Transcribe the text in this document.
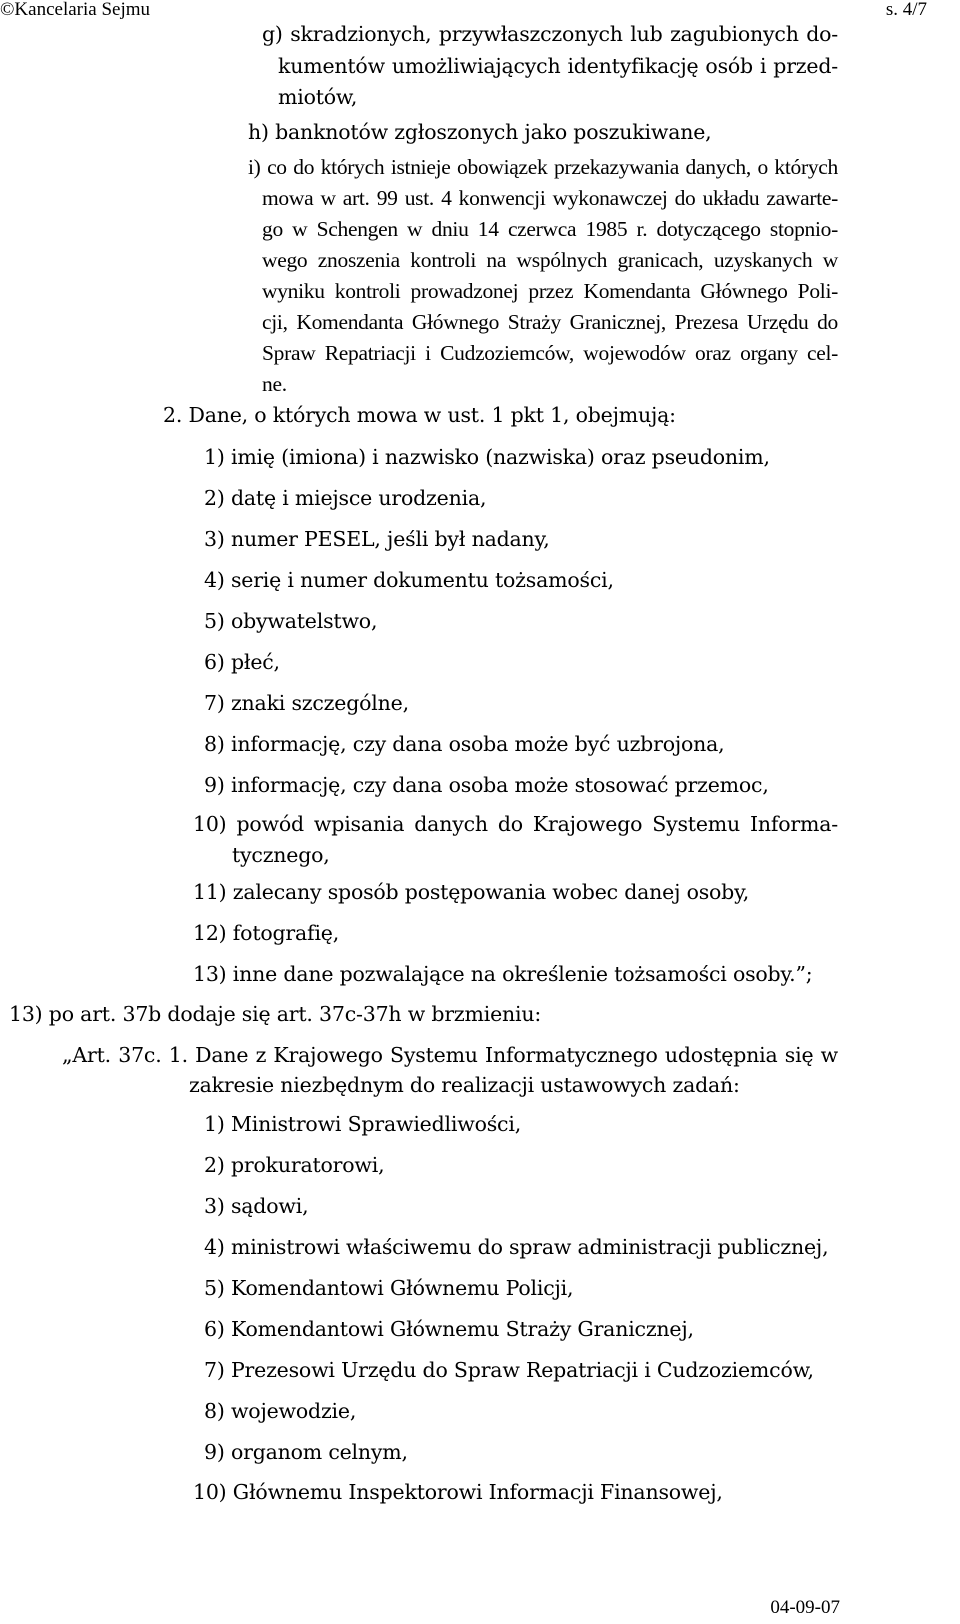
©Kancelaria Sejmu	s. 4/7
g) skradzionych, przywłaszczonych lub zagubionych do-
kumentów umożliwiających identyfikację osób i przed-
miotów,
h) banknotów zgłoszonych jako poszukiwane,
i) co do których istnieje obowiązek przekazywania danych, o których
mowa w art. 99 ust. 4 konwencji wykonawczej do układu zawarte-
go w Schengen w dniu 14 czerwca 1985 r. dotyczącego stopnio-
wego znoszenia kontroli na wspólnych granicach, uzyskanych w
wyniku kontroli prowadzonej przez Komendanta Głównego Poli-
cji, Komendanta Głównego Straży Granicznej, Prezesa Urzędu do
Spraw Repatriacji i Cudzoziemców, wojewodów oraz organy cel-
ne.
2. Dane, o których mowa w ust. 1 pkt 1, obejmują:
1) imię (imiona) i nazwisko (nazwiska) oraz pseudonim,
2) datę i miejsce urodzenia,
3) numer PESEL, jeśli był nadany,
4) serię i numer dokumentu tożsamości,
5) obywatelstwo,
6) płeć,
7) znaki szczególne,
8) informację, czy dana osoba może być uzbrojona,
9) informację, czy dana osoba może stosować przemoc,
10) powód wpisania danych do Krajowego Systemu Informa-
tycznego,
11) zalecany sposób postępowania wobec danej osoby,
12) fotografię,
13) inne dane pozwalające na określenie tożsamości osoby.”;
13) po art. 37b dodaje się art. 37c-37h w brzmieniu:
„Art. 37c. 1. Dane z Krajowego Systemu Informatycznego udostępnia się w
zakresie niezbędnym do realizacji ustawowych zadań:
1) Ministrowi Sprawiedliwości,
2) prokuratorowi,
3) sądowi,
4) ministrowi właściwemu do spraw administracji publicznej,
5) Komendantowi Głównemu Policji,
6) Komendantowi Głównemu Straży Granicznej,
7) Prezesowi Urzędu do Spraw Repatriacji i Cudzoziemców,
8) wojewodzie,
9) organom celnym,
10) Głównemu Inspektorowi Informacji Finansowej,
04-09-07
